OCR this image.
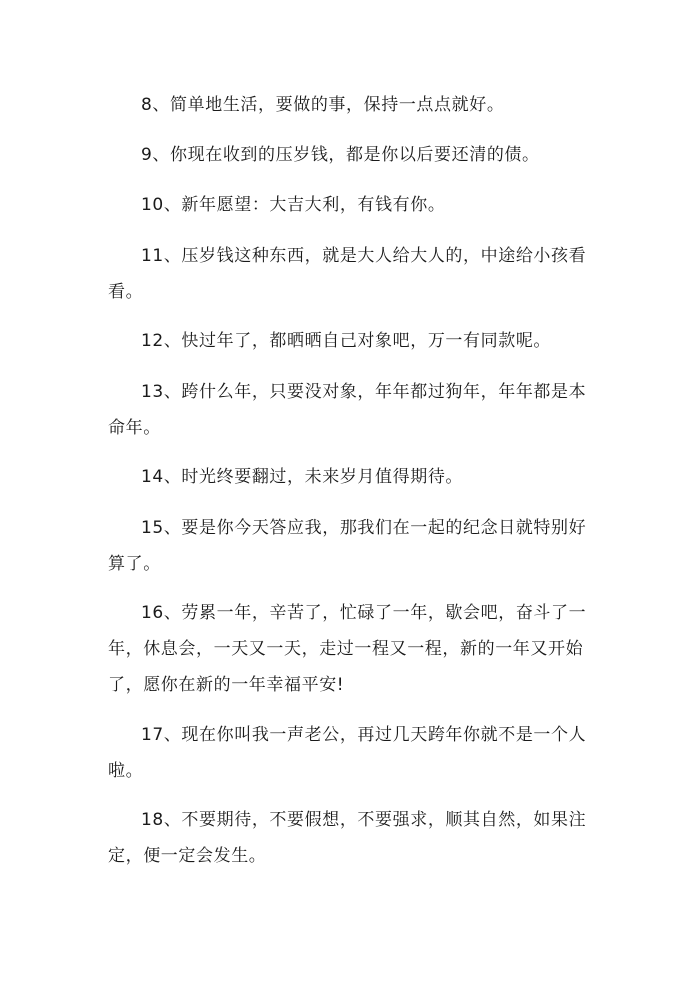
8、简单地生活，要做的事，保持一点点就好。

9、你现在收到的压岁钱，都是你以后要还清的债。

10、新年愿望：大吉大利，有钱有你。

11、压岁钱这种东西，就是大人给大人的，中途给小孩看看。

12、快过年了，都晒晒自己对象吧，万一有同款呢。

13、跨什么年，只要没对象，年年都过狗年，年年都是本命年。

14、时光终要翻过，未来岁月值得期待。

15、要是你今天答应我，那我们在一起的纪念日就特别好算了。

16、劳累一年，辛苦了，忙碌了一年，歇会吧，奋斗了一年，休息会，一天又一天，走过一程又一程，新的一年又开始了，愿你在新的一年幸福平安!

17、现在你叫我一声老公，再过几天跨年你就不是一个人啦。

18、不要期待，不要假想，不要强求，顺其自然，如果注定，便一定会发生。
